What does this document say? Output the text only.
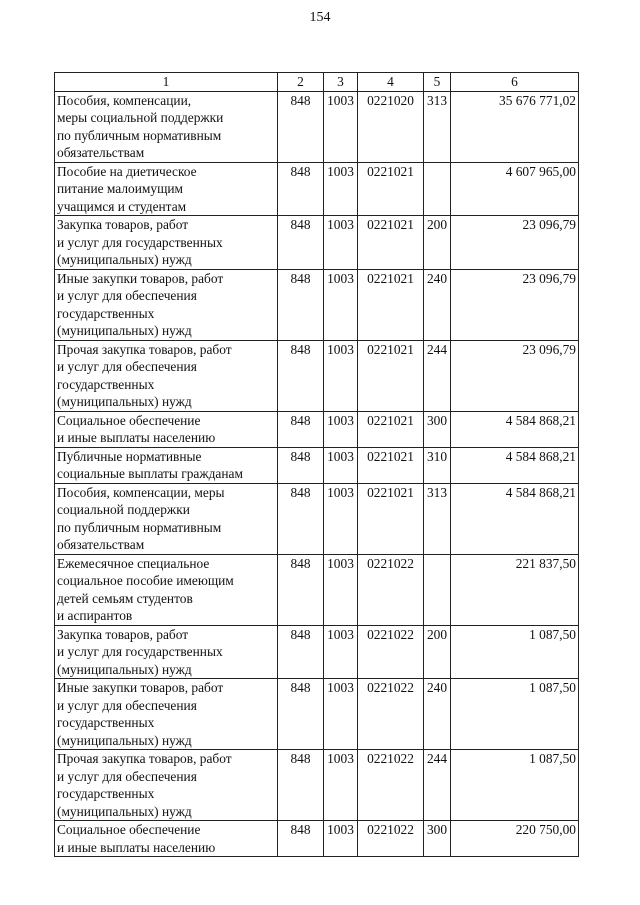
154
1	2	3	4	5	6
Пособия, компенсации,
меры социальной поддержки
по публичным нормативным
обязательствам	848	1003	0221020	313	35 676 771,02
Пособие на диетическое
питание малоимущим
учащимся и студентам	848	1003	0221021		4 607 965,00
Закупка товаров, работ
и услуг для государственных
(муниципальных) нужд	848	1003	0221021	200	23 096,79
Иные закупки товаров, работ
и услуг для обеспечения
государственных
(муниципальных) нужд	848	1003	0221021	240	23 096,79
Прочая закупка товаров, работ
и услуг для обеспечения
государственных
(муниципальных) нужд	848	1003	0221021	244	23 096,79
Социальное обеспечение
и иные выплаты населению	848	1003	0221021	300	4 584 868,21
Публичные нормативные
социальные выплаты гражданам	848	1003	0221021	310	4 584 868,21
Пособия, компенсации, меры
социальной поддержки
по публичным нормативным
обязательствам	848	1003	0221021	313	4 584 868,21
Ежемесячное специальное
социальное пособие имеющим
детей семьям студентов
и аспирантов	848	1003	0221022		221 837,50
Закупка товаров, работ
и услуг для государственных
(муниципальных) нужд	848	1003	0221022	200	1 087,50
Иные закупки товаров, работ
и услуг для обеспечения
государственных
(муниципальных) нужд	848	1003	0221022	240	1 087,50
Прочая закупка товаров, работ
и услуг для обеспечения
государственных
(муниципальных) нужд	848	1003	0221022	244	1 087,50
Социальное обеспечение
и иные выплаты населению	848	1003	0221022	300	220 750,00
